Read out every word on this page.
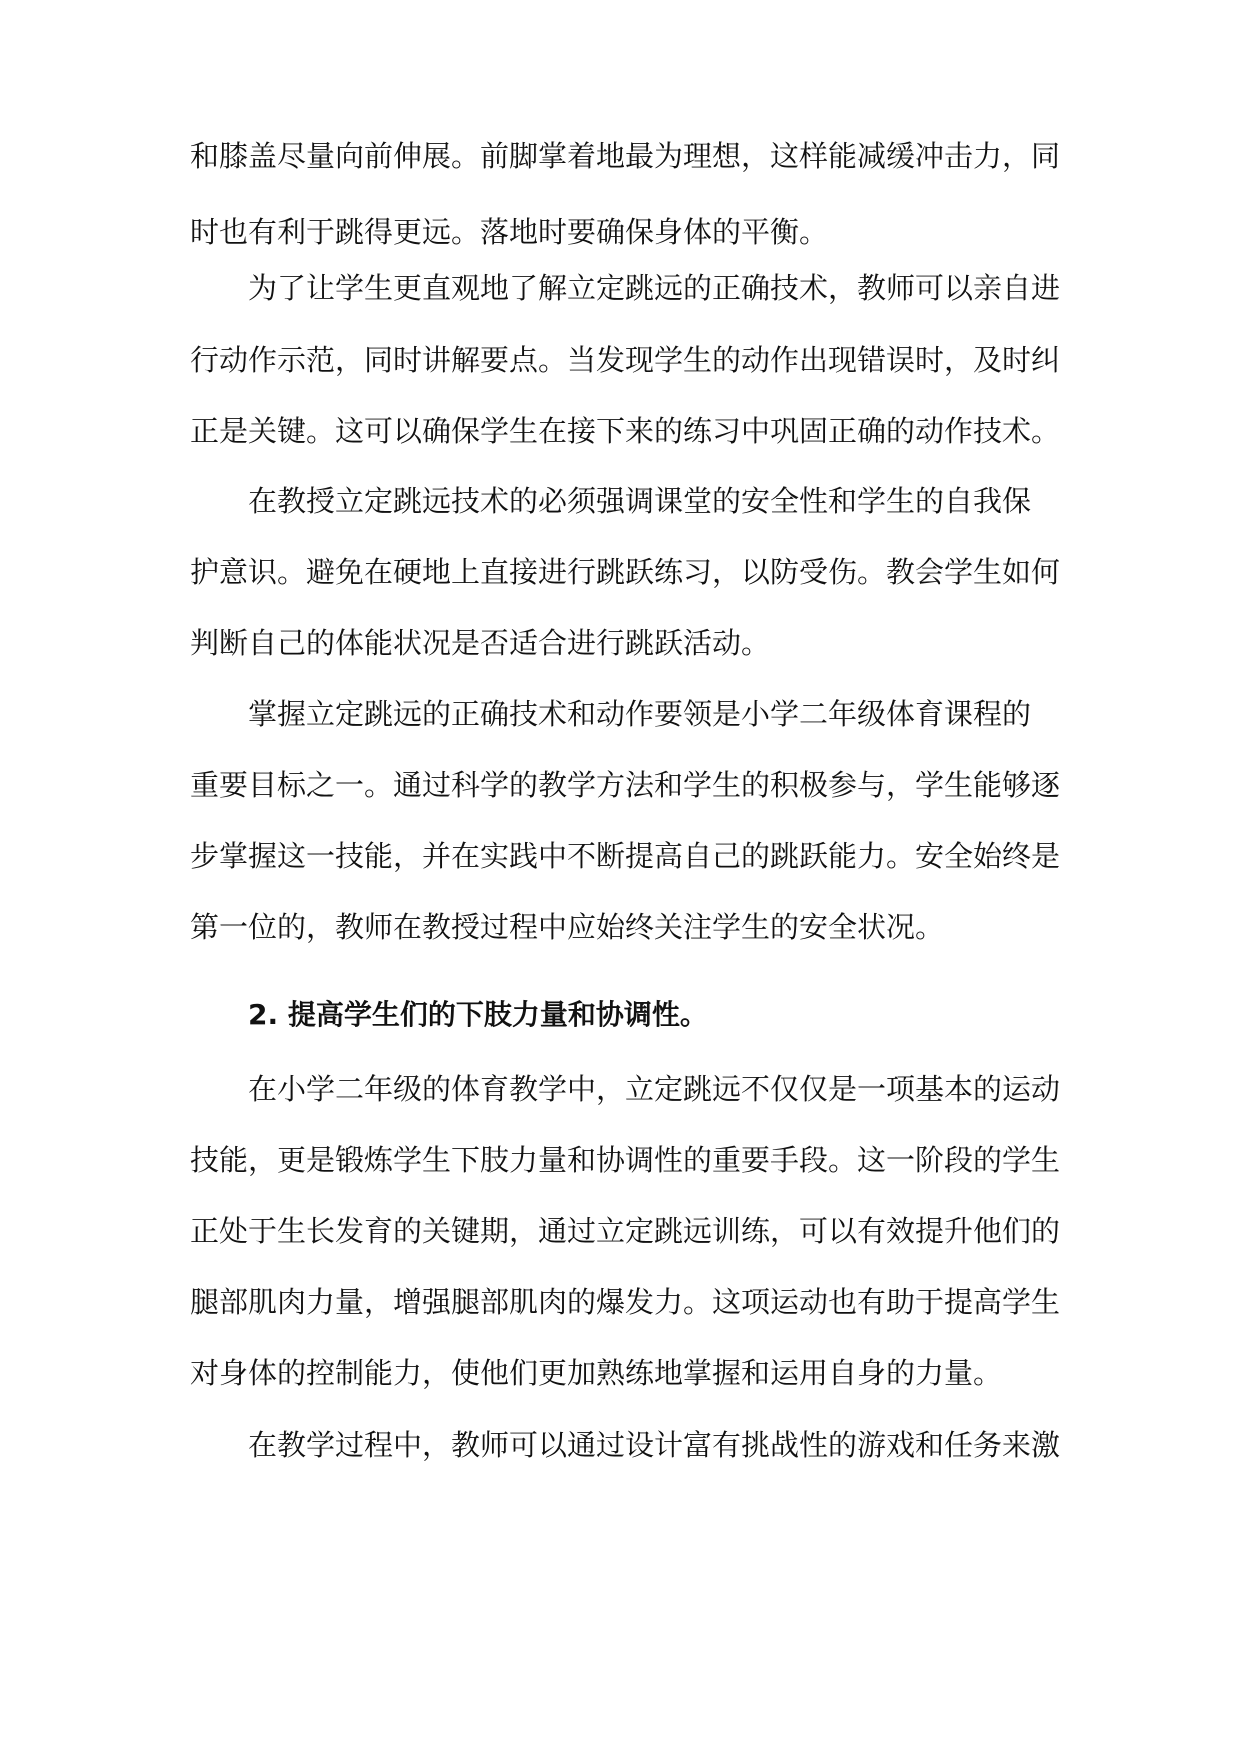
和膝盖尽量向前伸展。前脚掌着地最为理想，这样能减缓冲击力，同
时也有利于跳得更远。落地时要确保身体的平衡。
为了让学生更直观地了解立定跳远的正确技术，教师可以亲自进
行动作示范，同时讲解要点。当发现学生的动作出现错误时，及时纠
正是关键。这可以确保学生在接下来的练习中巩固正确的动作技术。
在教授立定跳远技术的必须强调课堂的安全性和学生的自我保
护意识。避免在硬地上直接进行跳跃练习，以防受伤。教会学生如何
判断自己的体能状况是否适合进行跳跃活动。
掌握立定跳远的正确技术和动作要领是小学二年级体育课程的
重要目标之一。通过科学的教学方法和学生的积极参与，学生能够逐
步掌握这一技能，并在实践中不断提高自己的跳跃能力。安全始终是
第一位的，教师在教授过程中应始终关注学生的安全状况。
2. 提高学生们的下肢力量和协调性。
在小学二年级的体育教学中，立定跳远不仅仅是一项基本的运动
技能，更是锻炼学生下肢力量和协调性的重要手段。这一阶段的学生
正处于生长发育的关键期，通过立定跳远训练，可以有效提升他们的
腿部肌肉力量，增强腿部肌肉的爆发力。这项运动也有助于提高学生
对身体的控制能力，使他们更加熟练地掌握和运用自身的力量。
在教学过程中，教师可以通过设计富有挑战性的游戏和任务来激
